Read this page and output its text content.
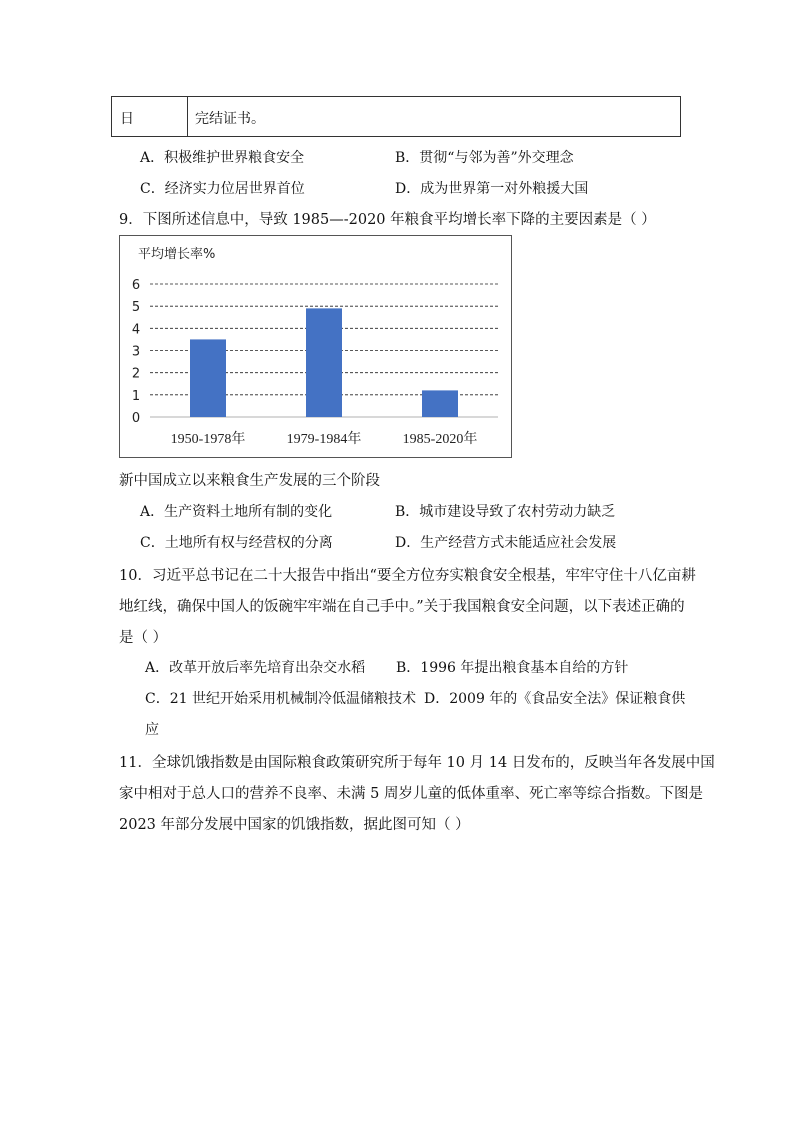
日	完结证书。
A．积极维护世界粮食安全	B．贯彻“与邻为善”外交理念
C．经济实力位居世界首位	D．成为世界第一对外粮援大国
9．下图所述信息中，导致 1985—-2020 年粮食平均增长率下降的主要因素是（ ）
平均增长率%
0
1
2
3
4
5
6
1950-1978年	1979-1984年	1985-2020年
新中国成立以来粮食生产发展的三个阶段
A．生产资料土地所有制的变化	B．城市建设导致了农村劳动力缺乏
C．土地所有权与经营权的分离	D．生产经营方式未能适应社会发展
10．习近平总书记在二十大报告中指出“要全方位夯实粮食安全根基，牢牢守住十八亿亩耕
地红线，确保中国人的饭碗牢牢端在自己手中。”关于我国粮食安全问题，以下表述正确的
是（ ）
A．改革开放后率先培育出杂交水稻 B．1996 年提出粮食基本自给的方针
C．21 世纪开始采用机械制冷低温储粮技术 D．2009 年的《食品安全法》保证粮食供
应
11．全球饥饿指数是由国际粮食政策研究所于每年 10 月 14 日发布的，反映当年各发展中国
家中相对于总人口的营养不良率、未满 5 周岁儿童的低体重率、死亡率等综合指数。下图是
2023 年部分发展中国家的饥饿指数，据此图可知（ ）
